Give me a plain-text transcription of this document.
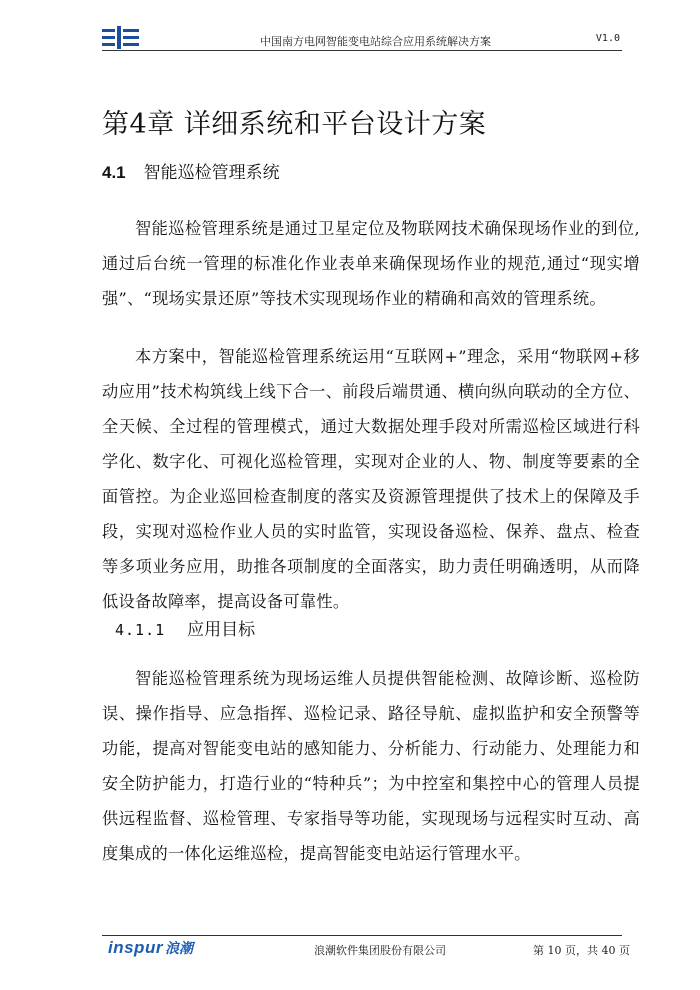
中国南方电网智能变电站综合应用系统解决方案	V1.0
第4章 详细系统和平台设计方案
4.1 智能巡检管理系统

智能巡检管理系统是通过卫星定位及物联网技术确保现场作业的到位,通过后台统一管理的标准化作业表单来确保现场作业的规范,通过“现实增强”、“现场实景还原”等技术实现现场作业的精确和高效的管理系统。

本方案中，智能巡检管理系统运用“互联网+”理念，采用“物联网+移动应用”技术构筑线上线下合一、前段后端贯通、横向纵向联动的全方位、全天候、全过程的管理模式，通过大数据处理手段对所需巡检区域进行科学化、数字化、可视化巡检管理，实现对企业的人、物、制度等要素的全面管控。为企业巡回检查制度的落实及资源管理提供了技术上的保障及手段，实现对巡检作业人员的实时监管，实现设备巡检、保养、盘点、检查等多项业务应用，助推各项制度的全面落实，助力责任明确透明，从而降低设备故障率，提高设备可靠性。

4.1.1 应用目标

智能巡检管理系统为现场运维人员提供智能检测、故障诊断、巡检防误、操作指导、应急指挥、巡检记录、路径导航、虚拟监护和安全预警等功能，提高对智能变电站的感知能力、分析能力、行动能力、处理能力和安全防护能力，打造行业的“特种兵”；为中控室和集控中心的管理人员提供远程监督、巡检管理、专家指导等功能，实现现场与远程实时互动、高度集成的一体化运维巡检，提高智能变电站运行管理水平。

inspur 浪潮	浪潮软件集团股份有限公司	第 10 页，共 40 页
